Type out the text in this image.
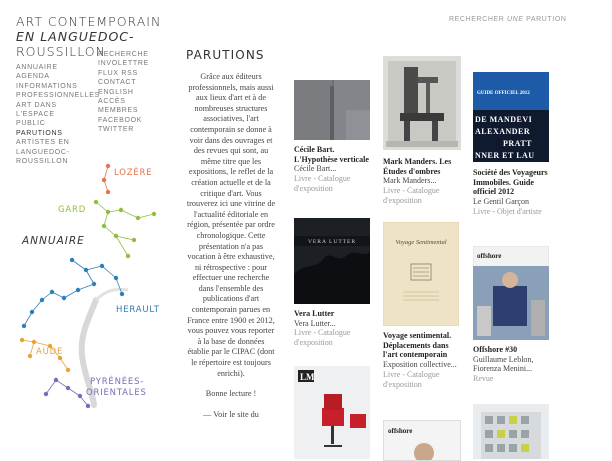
ART CONTEMPORAIN
EN LANGUEDOC-
ROUSSILLON
RECHERCHER UNE PARUTION
ANNUAIRE
AGENDA
INFORMATIONS PROFESSIONNELLES
ART DANS L'ESPACE PUBLIC
PARUTIONS
ARTISTES EN LANGUEDOC-ROUSSILLON
RECHERCHE
INVOLETTRE
FLUX RSS
CONTACT
ENGLISH
ACCÈS MEMBRES
FACEBOOK
TWITTER
LOZÈRE
GARD
ANNUAIRE
HERAULT
AUDE
PYRÉNÉES-
ORIENTALES
PARUTIONS

Grâce aux éditeurs professionnels, mais aussi aux lieux d'art et à de nombreuses structures associatives, l'art contemporain se donne à voir dans des ouvrages et des revues qui sont, au même titre que les expositions, le reflet de la création actuelle et de la critique d'art. Vous trouverez ici une vitrine de l'actualité éditoriale en région, présentée par ordre chronologique. Cette présentation n'a pas vocation à être exhaustive, ni rétrospective : pour effectuer une recherche dans l'ensemble des publications d'art contemporain parues en France entre 1900 et 2012, vous pouvez vous reporter à la base de données établie par le CIPAC (dont le répertoire est toujours enrichi).

Bonne lecture !

— Voir le site du

Cécile Bart. L'Hypothèse verticale
Cécile Bart...
Livre - Catalogue d'exposition
VERA LUTTER
Vera Lutter
Vera Lutter...
Livre - Catalogue d'exposition
LM
Mark Manders. Les Études d'ombres
Mark Manders...
Livre - Catalogue d'exposition
Voyage Sentimental
Voyage sentimental. Déplacements dans l'art contemporain
Exposition collective...
Livre - Catalogue d'exposition
offshore
GUIDE OFFICIEL 2012
DE MANDEVI
ALEXANDER
PRATT
NNER ET LAU
Société des Voyageurs Immobiles. Guide officiel 2012
Le Gentil Garçon
Livre - Objet d'artiste
offshore
Offshore #30
Guillaume Leblon, Fiorenza Menini...
Revue
